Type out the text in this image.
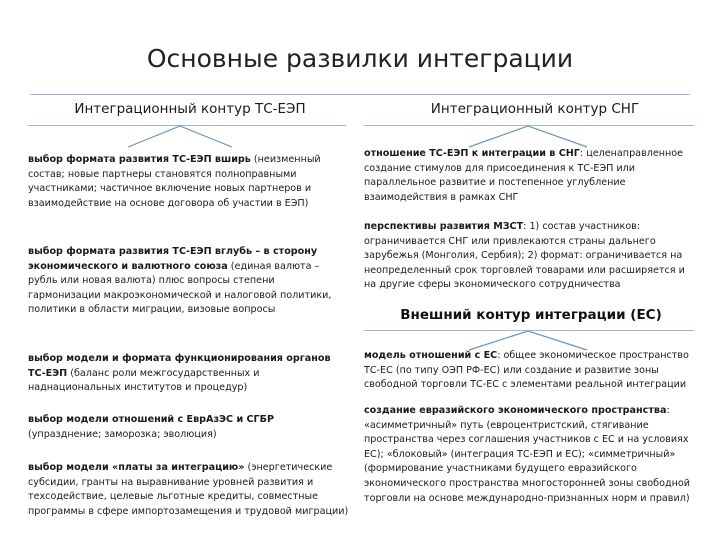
Основные развилки интеграции
Интеграционный контур ТС-ЕЭП	Интеграционный контур СНГ
выбор формата развития ТС-ЕЭП вширь (неизменный состав; новые партнеры становятся полноправными участниками; частичное включение новых партнеров и взаимодействие на основе договора об участии в ЕЭП)
выбор формата развития ТС-ЕЭП вглубь – в сторону экономического и валютного союза (единая валюта – рубль или новая валюта) плюс вопросы степени гармонизации макроэкономической и налоговой политики, политики в области миграции, визовые вопросы
выбор модели и формата функционирования органов ТС-ЕЭП (баланс роли межгосударственных и наднациональных институтов и процедур)
выбор модели отношений с ЕврАзЭС и СГБР (упразднение; заморозка; эволюция)
выбор модели «платы за интеграцию» (энергетические субсидии, гранты на выравнивание уровней развития и техсодействие, целевые льготные кредиты, совместные программы в сфере импортозамещения и трудовой миграции)
отношение ТС-ЕЭП к интеграции в СНГ: целенаправленное создание стимулов для присоединения к ТС-ЕЭП или параллельное развитие и постепенное углубление взаимодействия в рамках СНГ
перспективы развития МЗСТ: 1) состав участников: ограничивается СНГ или привлекаются страны дальнего зарубежья (Монголия, Сербия); 2) формат: ограничивается на неопределенный срок торговлей товарами или расширяется и на другие сферы экономического сотрудничества
Внешний контур интеграции (ЕС)
модель отношений с ЕС: общее экономическое пространство ТС-ЕС (по типу ОЭП РФ-ЕС) или создание и развитие зоны свободной торговли ТС-ЕС с элементами реальной интеграции
создание евразийского экономического пространства: «асимметричный» путь (евроцентристский, стягивание пространства через соглашения участников с ЕС и на условиях ЕС); «блоковый» (интеграция ТС-ЕЭП и ЕС); «симметричный» (формирование участниками будущего евразийского экономического пространства многосторонней зоны свободной торговли на основе международно-признанных норм и правил)
